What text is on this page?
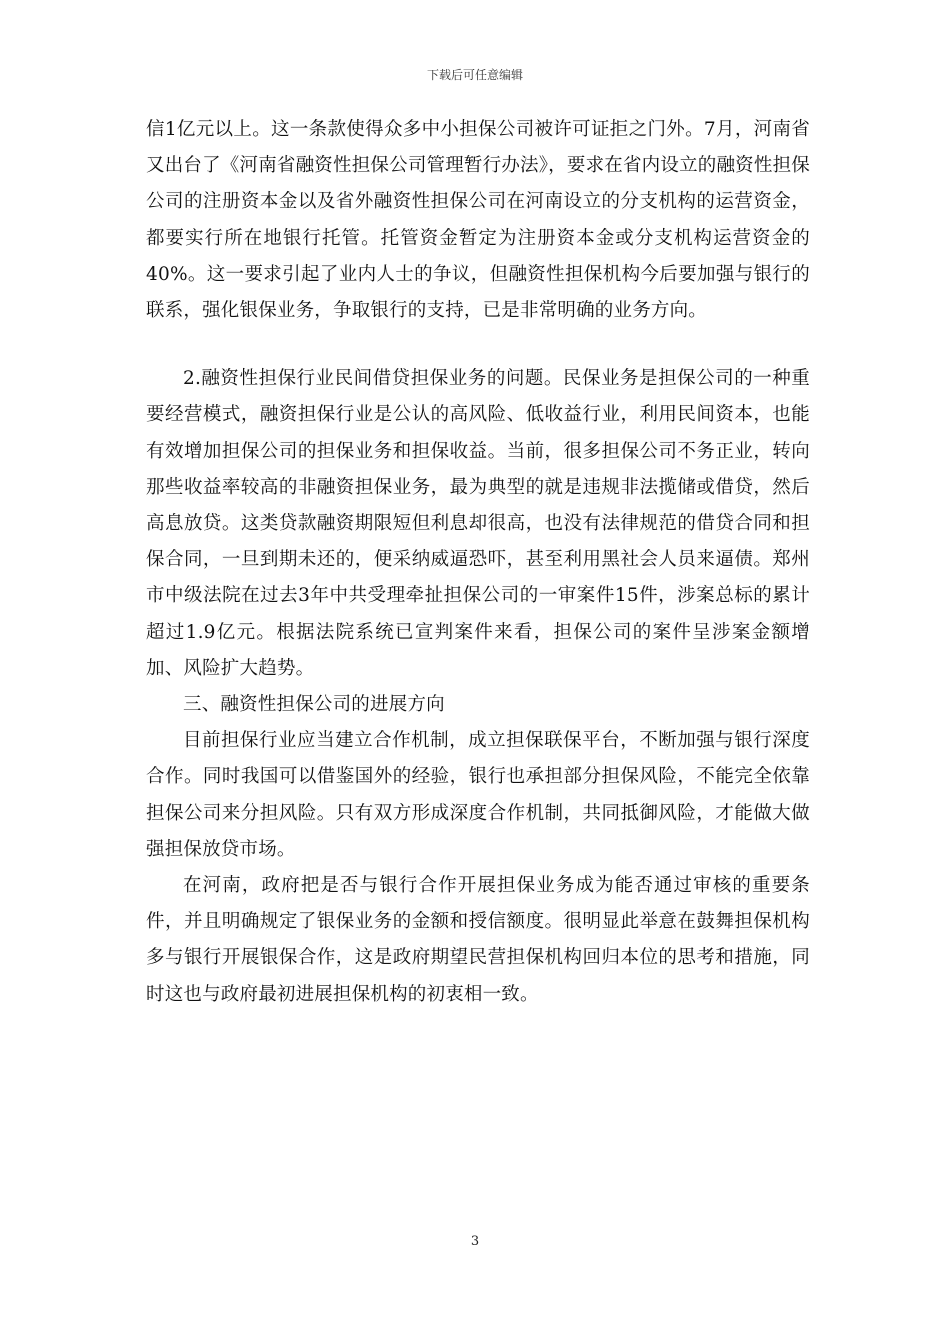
下载后可任意编辑

信1亿元以上。这一条款使得众多中小担保公司被许可证拒之门外。7月，河南省又出台了《河南省融资性担保公司管理暂行办法》，要求在省内设立的融资性担保公司的注册资本金以及省外融资性担保公司在河南设立的分支机构的运营资金，都要实行所在地银行托管。托管资金暂定为注册资本金或分支机构运营资金的40%。这一要求引起了业内人士的争议，但融资性担保机构今后要加强与银行的联系，强化银保业务，争取银行的支持，已是非常明确的业务方向。

2.融资性担保行业民间借贷担保业务的问题。民保业务是担保公司的一种重要经营模式，融资担保行业是公认的高风险、低收益行业，利用民间资本，也能有效增加担保公司的担保业务和担保收益。当前，很多担保公司不务正业，转向那些收益率较高的非融资担保业务，最为典型的就是违规非法揽储或借贷，然后高息放贷。这类贷款融资期限短但利息却很高，也没有法律规范的借贷合同和担保合同，一旦到期未还的，便采纳威逼恐吓，甚至利用黑社会人员来逼债。郑州市中级法院在过去3年中共受理牵扯担保公司的一审案件15件，涉案总标的累计超过1.9亿元。根据法院系统已宣判案件来看，担保公司的案件呈涉案金额增加、风险扩大趋势。

三、融资性担保公司的进展方向

目前担保行业应当建立合作机制，成立担保联保平台，不断加强与银行深度合作。同时我国可以借鉴国外的经验，银行也承担部分担保风险，不能完全依靠担保公司来分担风险。只有双方形成深度合作机制，共同抵御风险，才能做大做强担保放贷市场。

在河南，政府把是否与银行合作开展担保业务成为能否通过审核的重要条件，并且明确规定了银保业务的金额和授信额度。很明显此举意在鼓舞担保机构多与银行开展银保合作，这是政府期望民营担保机构回归本位的思考和措施，同时这也与政府最初进展担保机构的初衷相一致。

3
